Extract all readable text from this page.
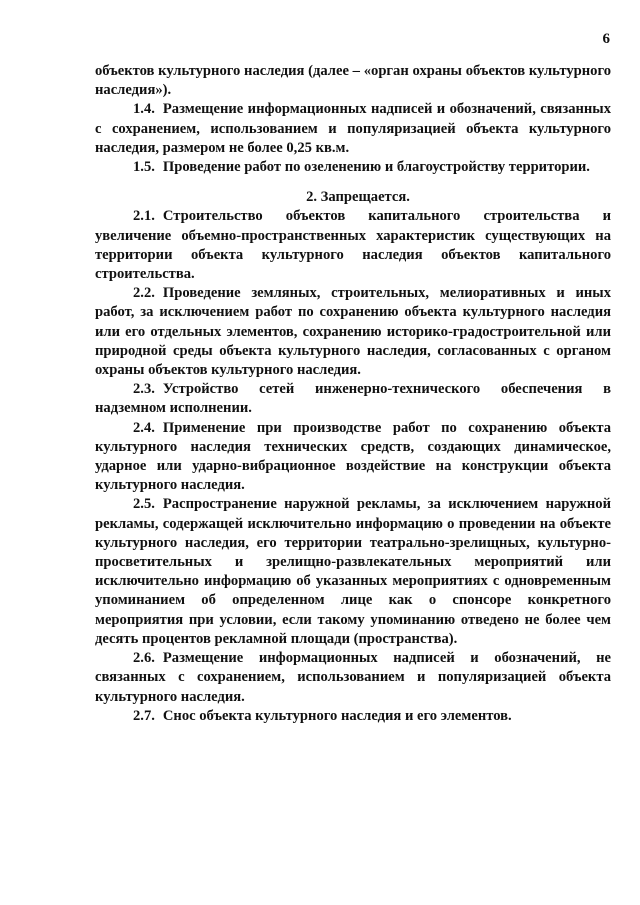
6

объектов культурного наследия (далее – «орган охраны объектов культурного наследия»).

1.4. Размещение информационных надписей и обозначений, связанных с сохранением, использованием и популяризацией объекта культурного наследия, размером не более 0,25 кв.м.

1.5. Проведение работ по озеленению и благоустройству территории.

2. Запрещается.

2.1. Строительство объектов капитального строительства и увеличение объемно-пространственных характеристик существующих на территории объекта культурного наследия объектов капитального строительства.

2.2. Проведение земляных, строительных, мелиоративных и иных работ, за исключением работ по сохранению объекта культурного наследия или его отдельных элементов, сохранению историко-градостроительной или природной среды объекта культурного наследия, согласованных с органом охраны объектов культурного наследия.

2.3. Устройство сетей инженерно-технического обеспечения в надземном исполнении.

2.4. Применение при производстве работ по сохранению объекта культурного наследия технических средств, создающих динамическое, ударное или ударно-вибрационное воздействие на конструкции объекта культурного наследия.

2.5. Распространение наружной рекламы, за исключением наружной рекламы, содержащей исключительно информацию о проведении на объекте культурного наследия, его территории театрально-зрелищных, культурно-просветительных и зрелищно-развлекательных мероприятий или исключительно информацию об указанных мероприятиях с одновременным упоминанием об определенном лице как о спонсоре конкретного мероприятия при условии, если такому упоминанию отведено не более чем десять процентов рекламной площади (пространства).

2.6. Размещение информационных надписей и обозначений, не связанных с сохранением, использованием и популяризацией объекта культурного наследия.

2.7. Снос объекта культурного наследия и его элементов.
